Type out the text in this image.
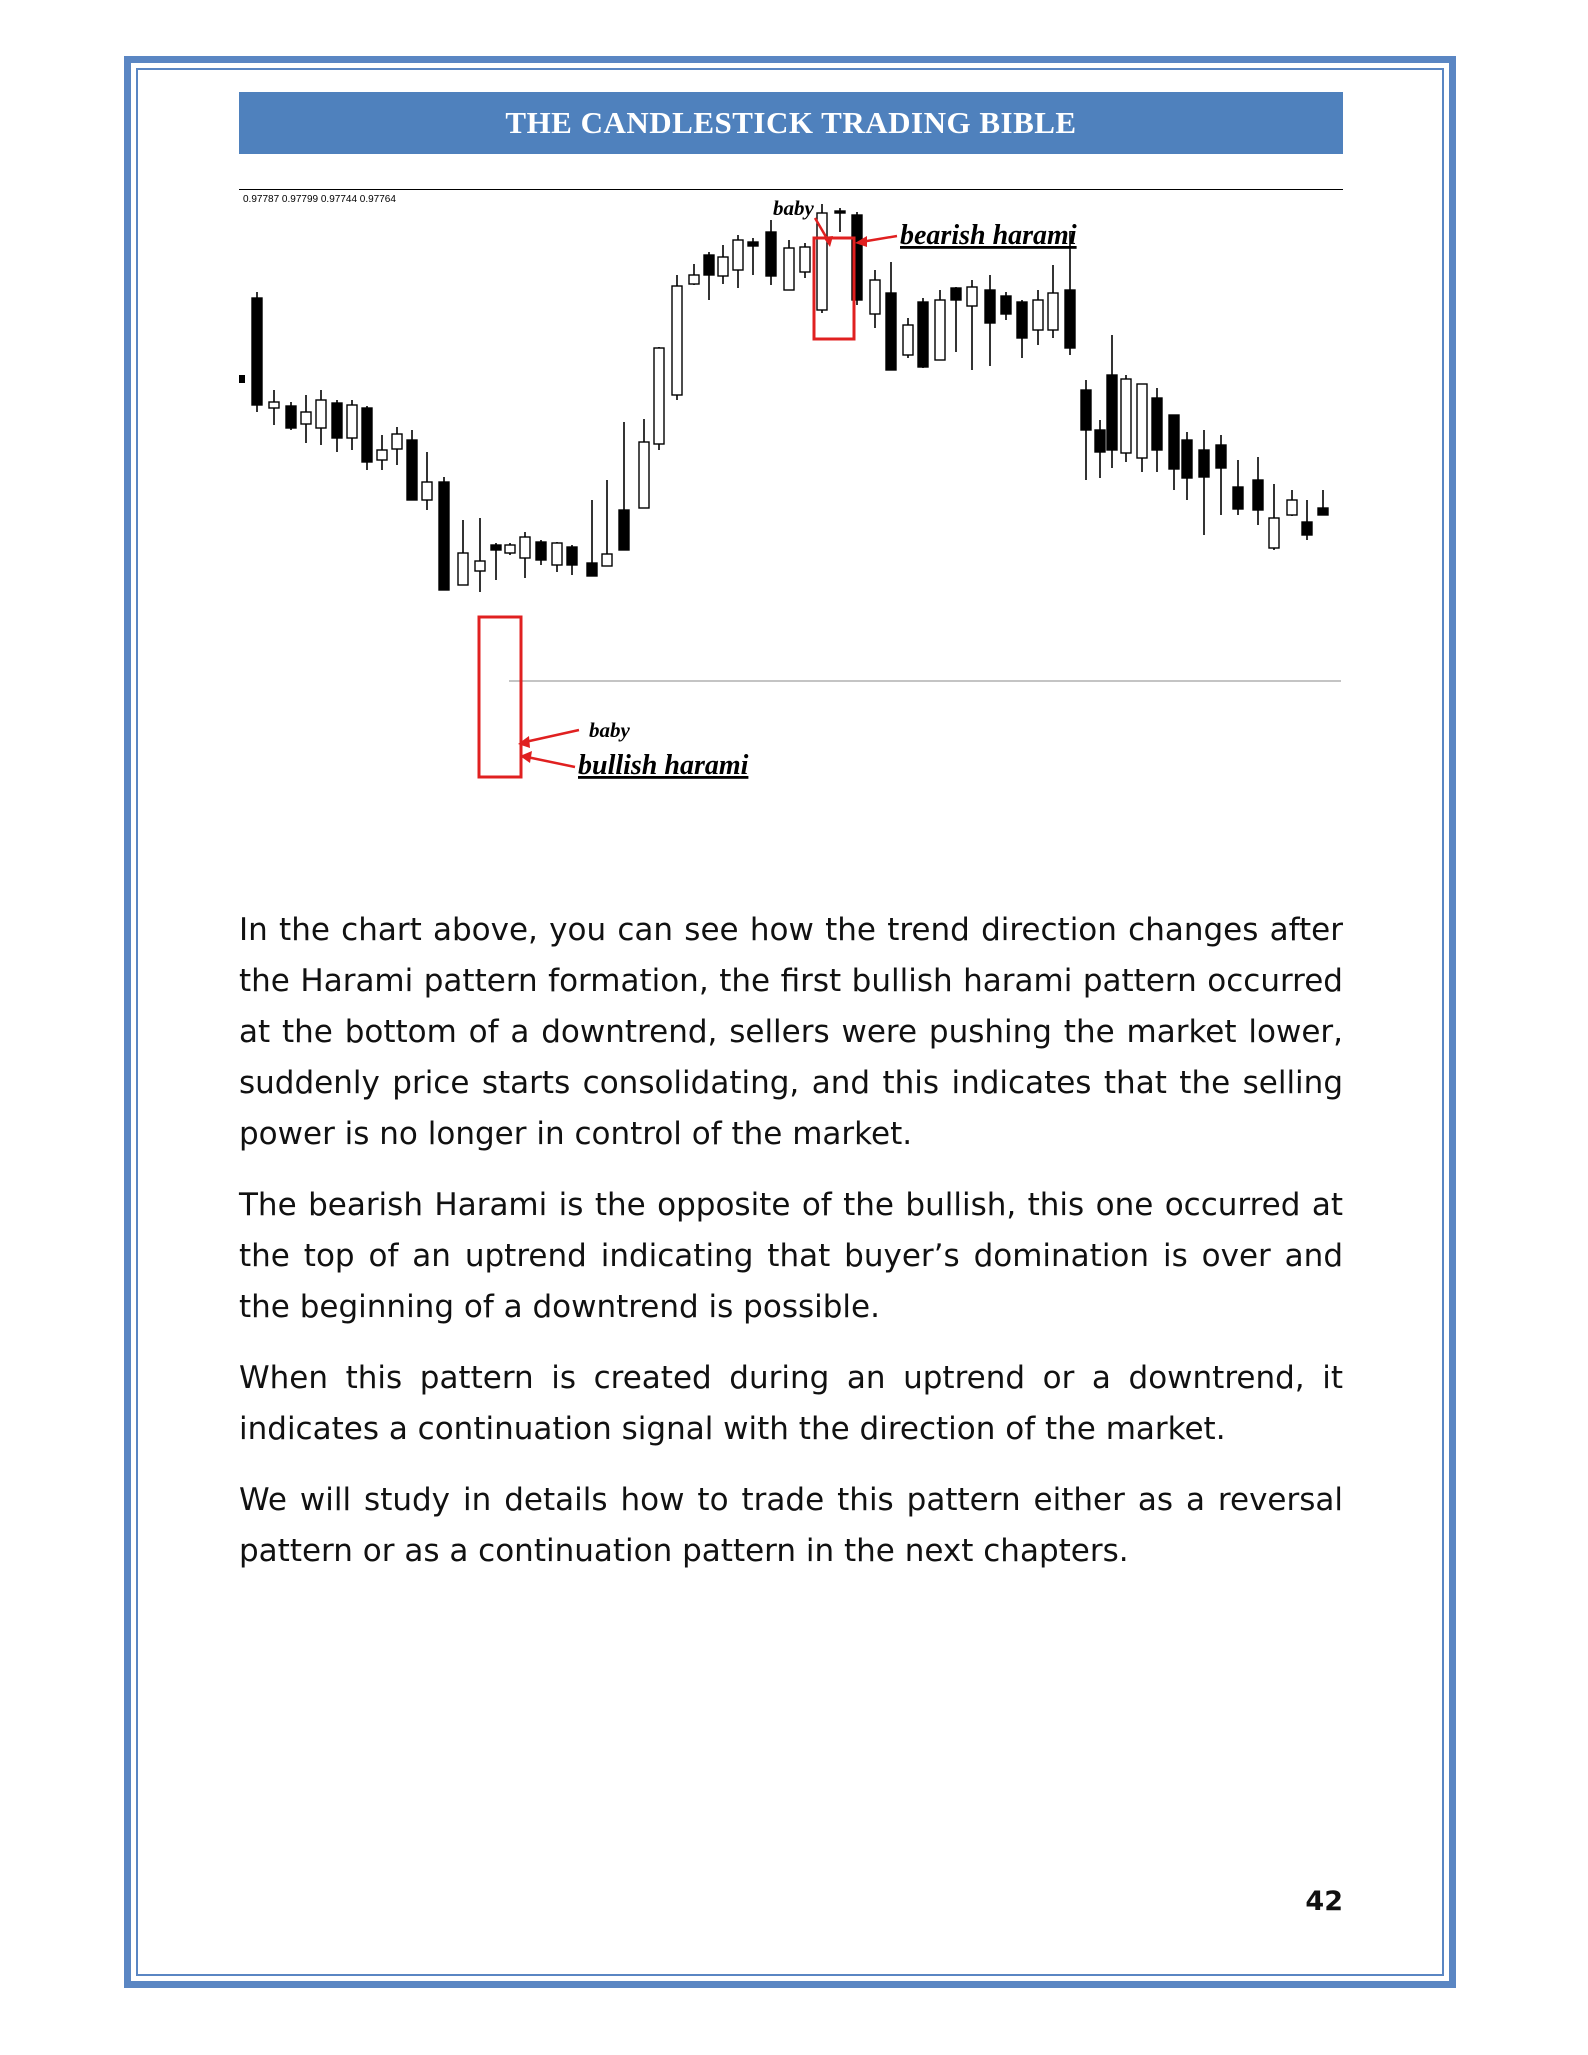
THE CANDLESTICK TRADING BIBLE
0.97787 0.97799 0.97744 0.97764	baby
bearish harami
baby
bullish harami

In the chart above, you can see how the trend direction changes after the Harami pattern formation, the first bullish harami pattern occurred at the bottom of a downtrend, sellers were pushing the market lower, suddenly price starts consolidating, and this indicates that the selling power is no longer in control of the market.

The bearish Harami is the opposite of the bullish, this one occurred at the top of an uptrend indicating that buyer’s domination is over and the beginning of a downtrend is possible.

When this pattern is created during an uptrend or a downtrend, it indicates a continuation signal with the direction of the market.

We will study in details how to trade this pattern either as a reversal pattern or as a continuation pattern in the next chapters.

42
